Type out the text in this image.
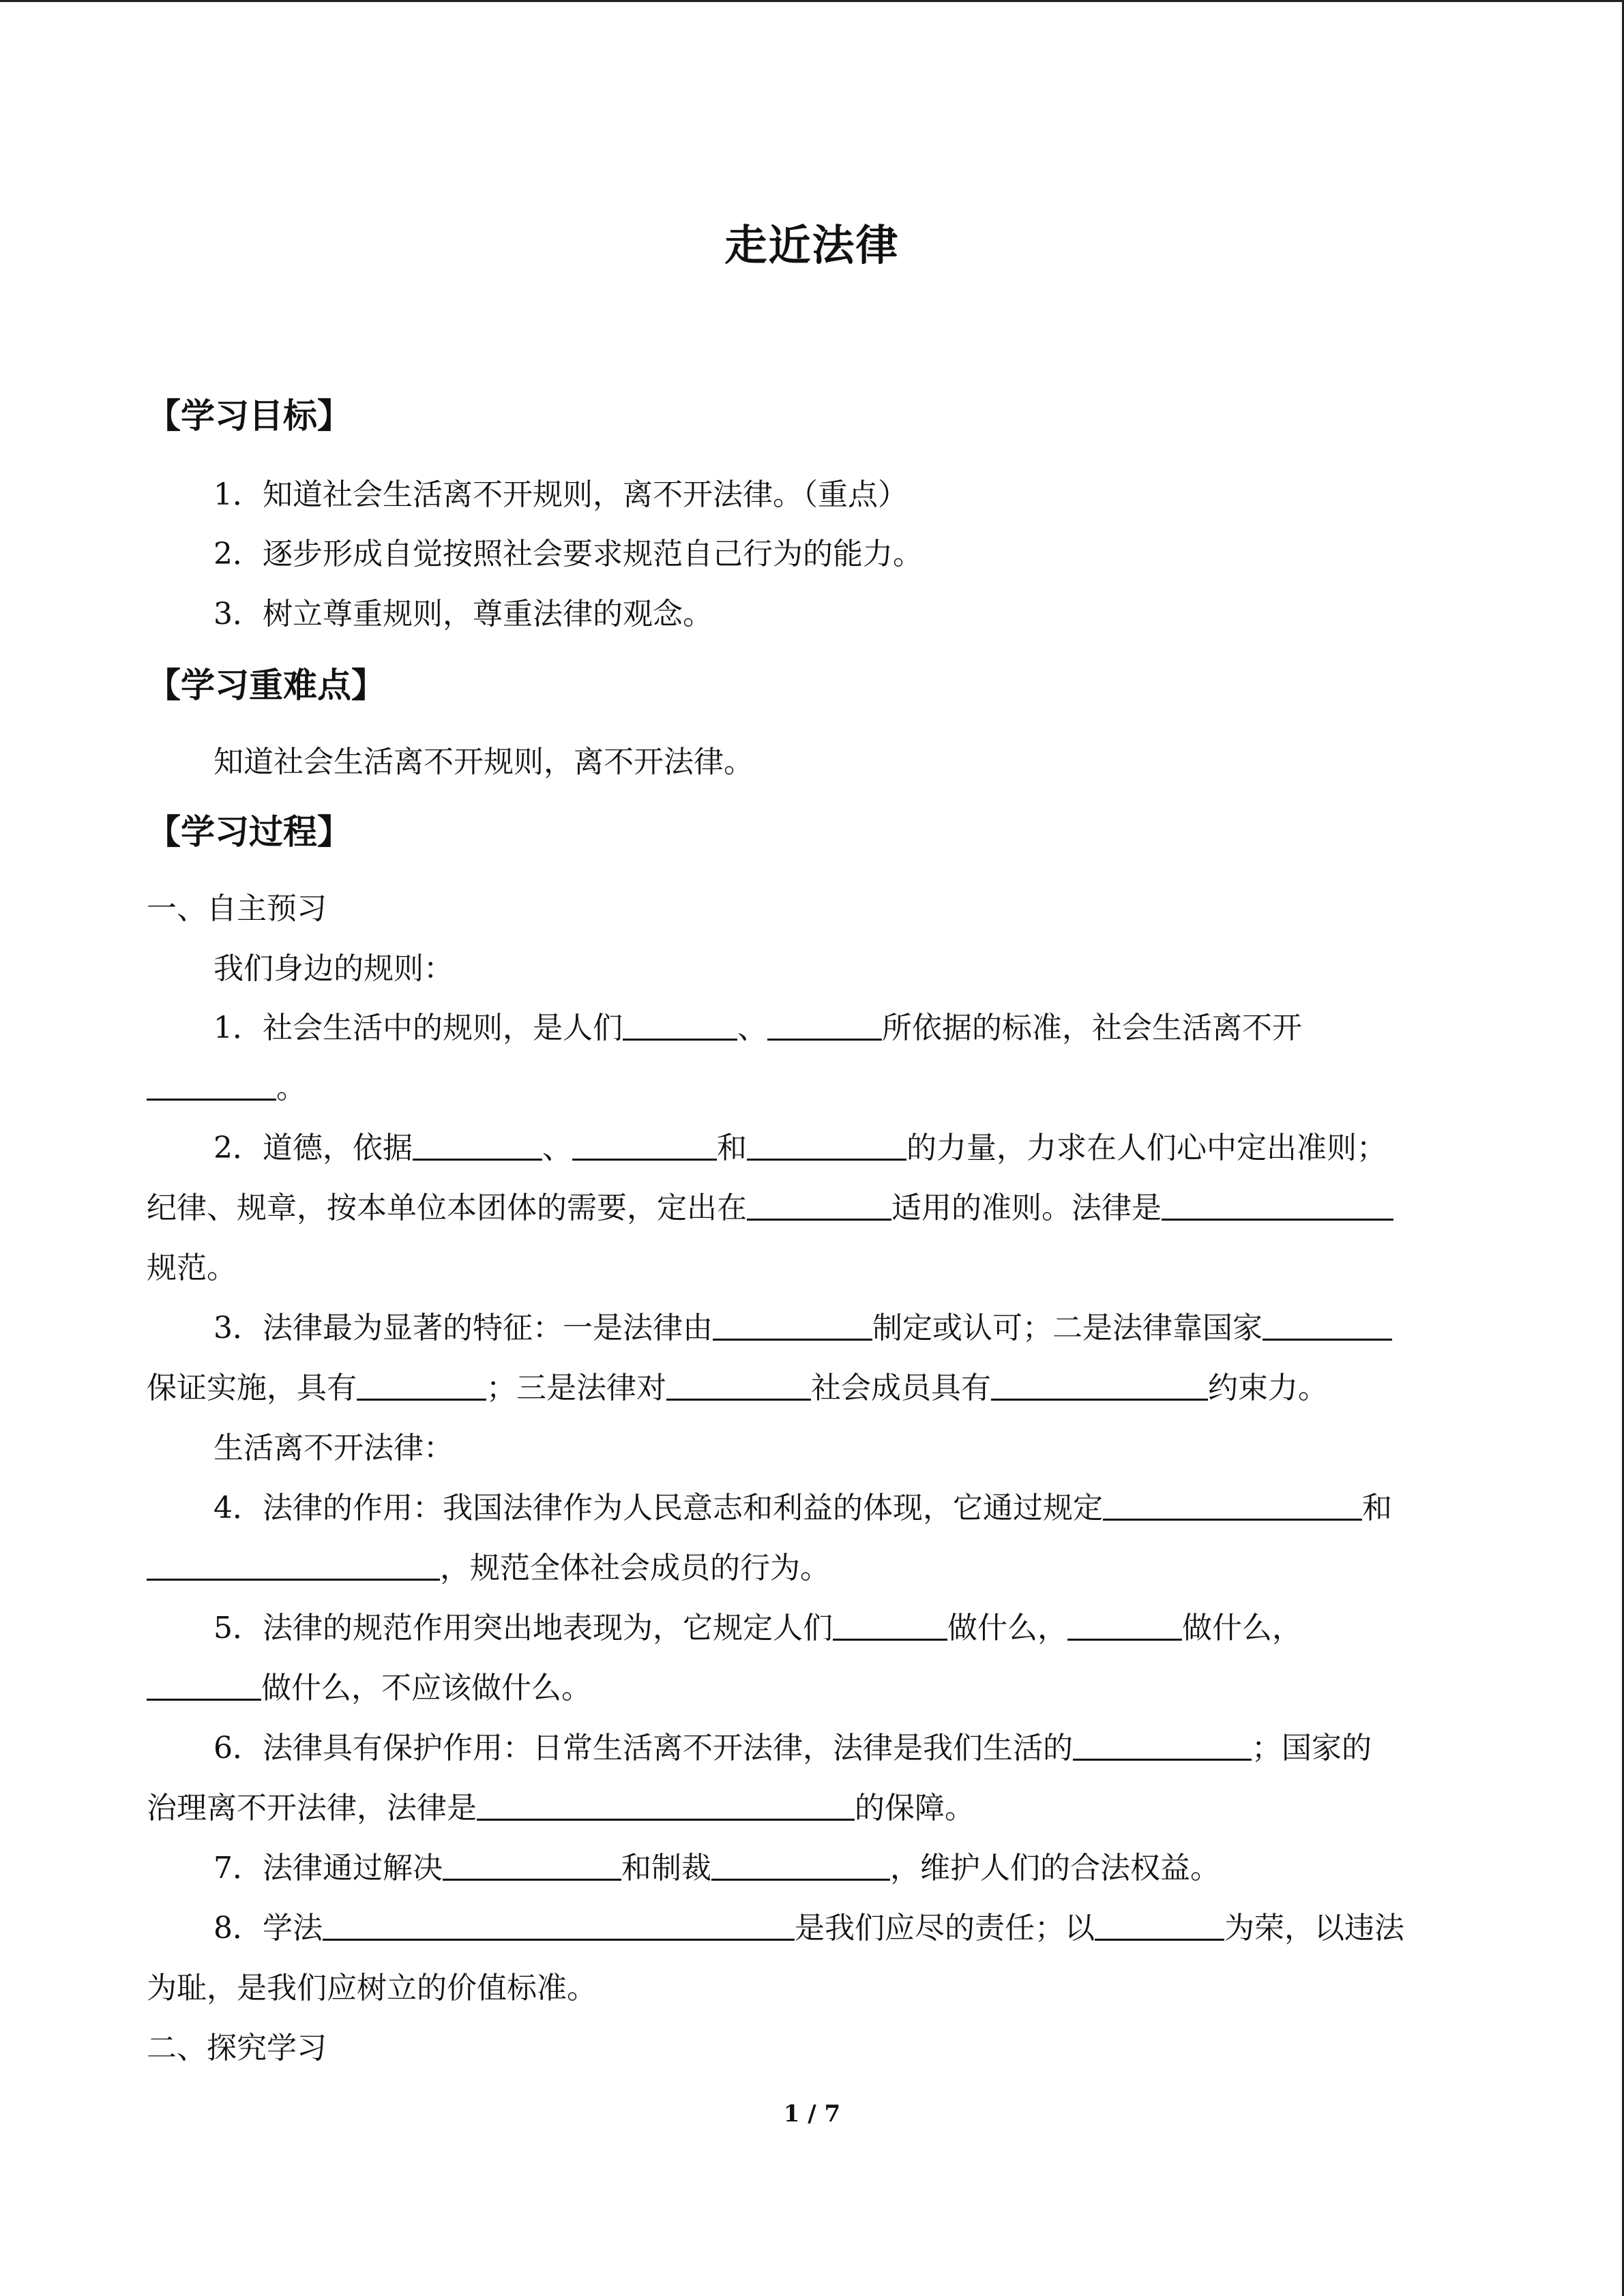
走近法律
【学习目标】
1．知道社会生活离不开规则，离不开法律。（重点）
2．逐步形成自觉按照社会要求规范自己行为的能力。
3．树立尊重规则，尊重法律的观念。
【学习重难点】
知道社会生活离不开规则，离不开法律。
【学习过程】
一、自主预习
我们身边的规则：
1．社会生活中的规则，是人们	、	所依据的标准，社会生活离不开
。
2．道德，依据	、	和	的力量，力求在人们心中定出准则；
纪律、规章，按本单位本团体的需要，定出在	适用的准则。法律是
规范。
3．法律最为显著的特征：一是法律由	制定或认可；二是法律靠国家
保证实施，具有	；三是法律对	社会成员具有	约束力。
生活离不开法律：
4．法律的作用：我国法律作为人民意志和利益的体现，它通过规定	和
，规范全体社会成员的行为。
5．法律的规范作用突出地表现为，它规定人们	做什么，	做什么，
做什么，不应该做什么。
6．法律具有保护作用：日常生活离不开法律，法律是我们生活的	；国家的
治理离不开法律，法律是	的保障。
7．法律通过解决	和制裁	，维护人们的合法权益。
8．学法	是我们应尽的责任；以	为荣，以违法
为耻，是我们应树立的价值标准。
二、探究学习
1 / 7
